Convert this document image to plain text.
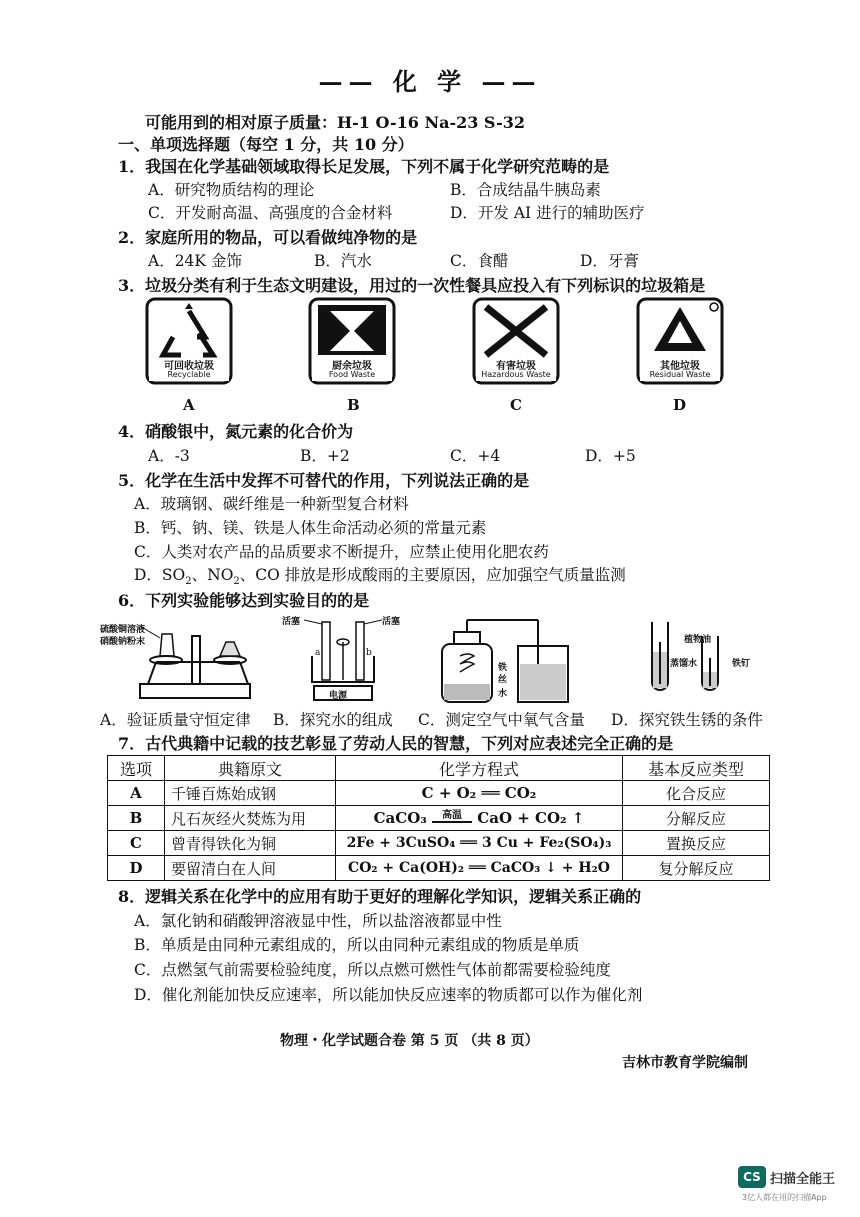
—— 化 学 ——
可能用到的相对原子质量：H-1 O-16 Na-23 S-32
一、单项选择题（每空 1 分，共 10 分）
1．我国在化学基础领域取得长足发展，下列不属于化学研究范畴的是
A．研究物质结构的理论	B．合成结晶牛胰岛素
C．开发耐高温、高强度的合金材料	D．开发 AI 进行的辅助医疗
2．家庭所用的物品，可以看做纯净物的是
A．24K 金饰	B．汽水	C．食醋	D．牙膏
3．垃圾分类有利于生态文明建设，用过的一次性餐具应投入有下列标识的垃圾箱是
可回收垃圾
Recyclable
厨余垃圾
Food Waste
有害垃圾
Hazardous Waste
其他垃圾
Residual Waste
A	B	C	D
4．硝酸银中，氮元素的化合价为
A．-3	B．+2	C．+4	D．+5
5．化学在生活中发挥不可替代的作用，下列说法正确的是
A．玻璃钢、碳纤维是一种新型复合材料
B．钙、钠、镁、铁是人体生命活动必须的常量元素
C．人类对农产品的品质要求不断提升，应禁止使用化肥农药
D．$SO_2$、$NO_2$、CO 排放是形成酸雨的主要原因，应加强空气质量监测
6．下列实验能够达到实验目的的是
硫酸铜溶液
硝酸钠粉末
活塞	活塞
a	b
电源
铁
丝
水
植物油
蒸馏水	铁钉
A．验证质量守恒定律 B．探究水的组成 C．测定空气中氧气含量 D．探究铁生锈的条件
7．古代典籍中记载的技艺彰显了劳动人民的智慧，下列对应表述完全正确的是
选项	典籍原文	化学方程式	基本反应类型
A	千锤百炼始成钢	C + O₂ ══ CO₂	化合反应
B	凡石灰经火焚炼为用	CaCO₃ 高温 CaO + CO₂ ↑	分解反应
C	曾青得铁化为铜	2Fe + 3CuSO₄ ══ 3 Cu + Fe₂(SO₄)₃	置换反应
D	要留清白在人间	CO₂ + Ca(OH)₂ ══ CaCO₃ ↓ + H₂O	复分解反应
8．逻辑关系在化学中的应用有助于更好的理解化学知识，逻辑关系正确的
A．氯化钠和硝酸钾溶液显中性，所以盐溶液都显中性
B．单质是由同种元素组成的，所以由同种元素组成的物质是单质
C．点燃氢气前需要检验纯度，所以点燃可燃性气体前都需要检验纯度
D．催化剂能加快反应速率，所以能加快反应速率的物质都可以作为催化剂
物理・化学试题合卷 第 5 页 （共 8 页）
吉林市教育学院编制
CS 扫描全能王
3亿人都在用的扫描App
